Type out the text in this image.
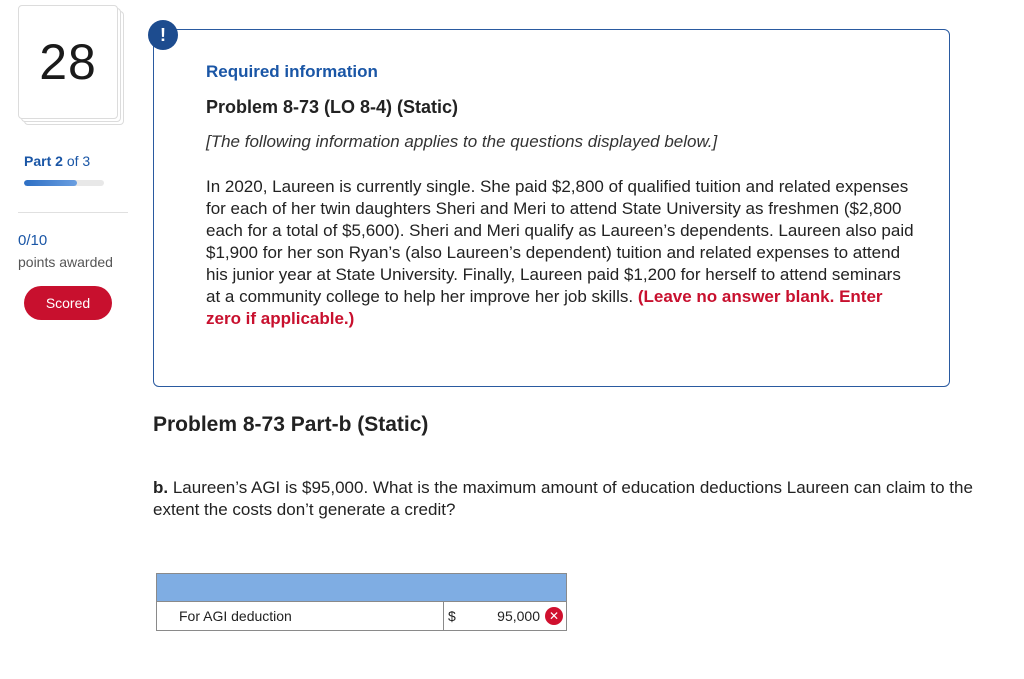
28
Part 2 of 3
0/10
points awarded
Scored
!
Required information
Problem 8-73 (LO 8-4) (Static)
[The following information applies to the questions displayed below.]
In 2020, Laureen is currently single. She paid $2,800 of qualified tuition and related expenses for each of her twin daughters Sheri and Meri to attend State University as freshmen ($2,800 each for a total of $5,600). Sheri and Meri qualify as Laureen’s dependents. Laureen also paid $1,900 for her son Ryan’s (also Laureen’s dependent) tuition and related expenses to attend his junior year at State University. Finally, Laureen paid $1,200 for herself to attend seminars at a community college to help her improve her job skills. (Leave no answer blank. Enter zero if applicable.)
Problem 8-73 Part-b (Static)
b. Laureen’s AGI is $95,000. What is the maximum amount of education deductions Laureen can claim to the extent the costs don’t generate a credit?
For AGI deduction	$
95,000	✕
